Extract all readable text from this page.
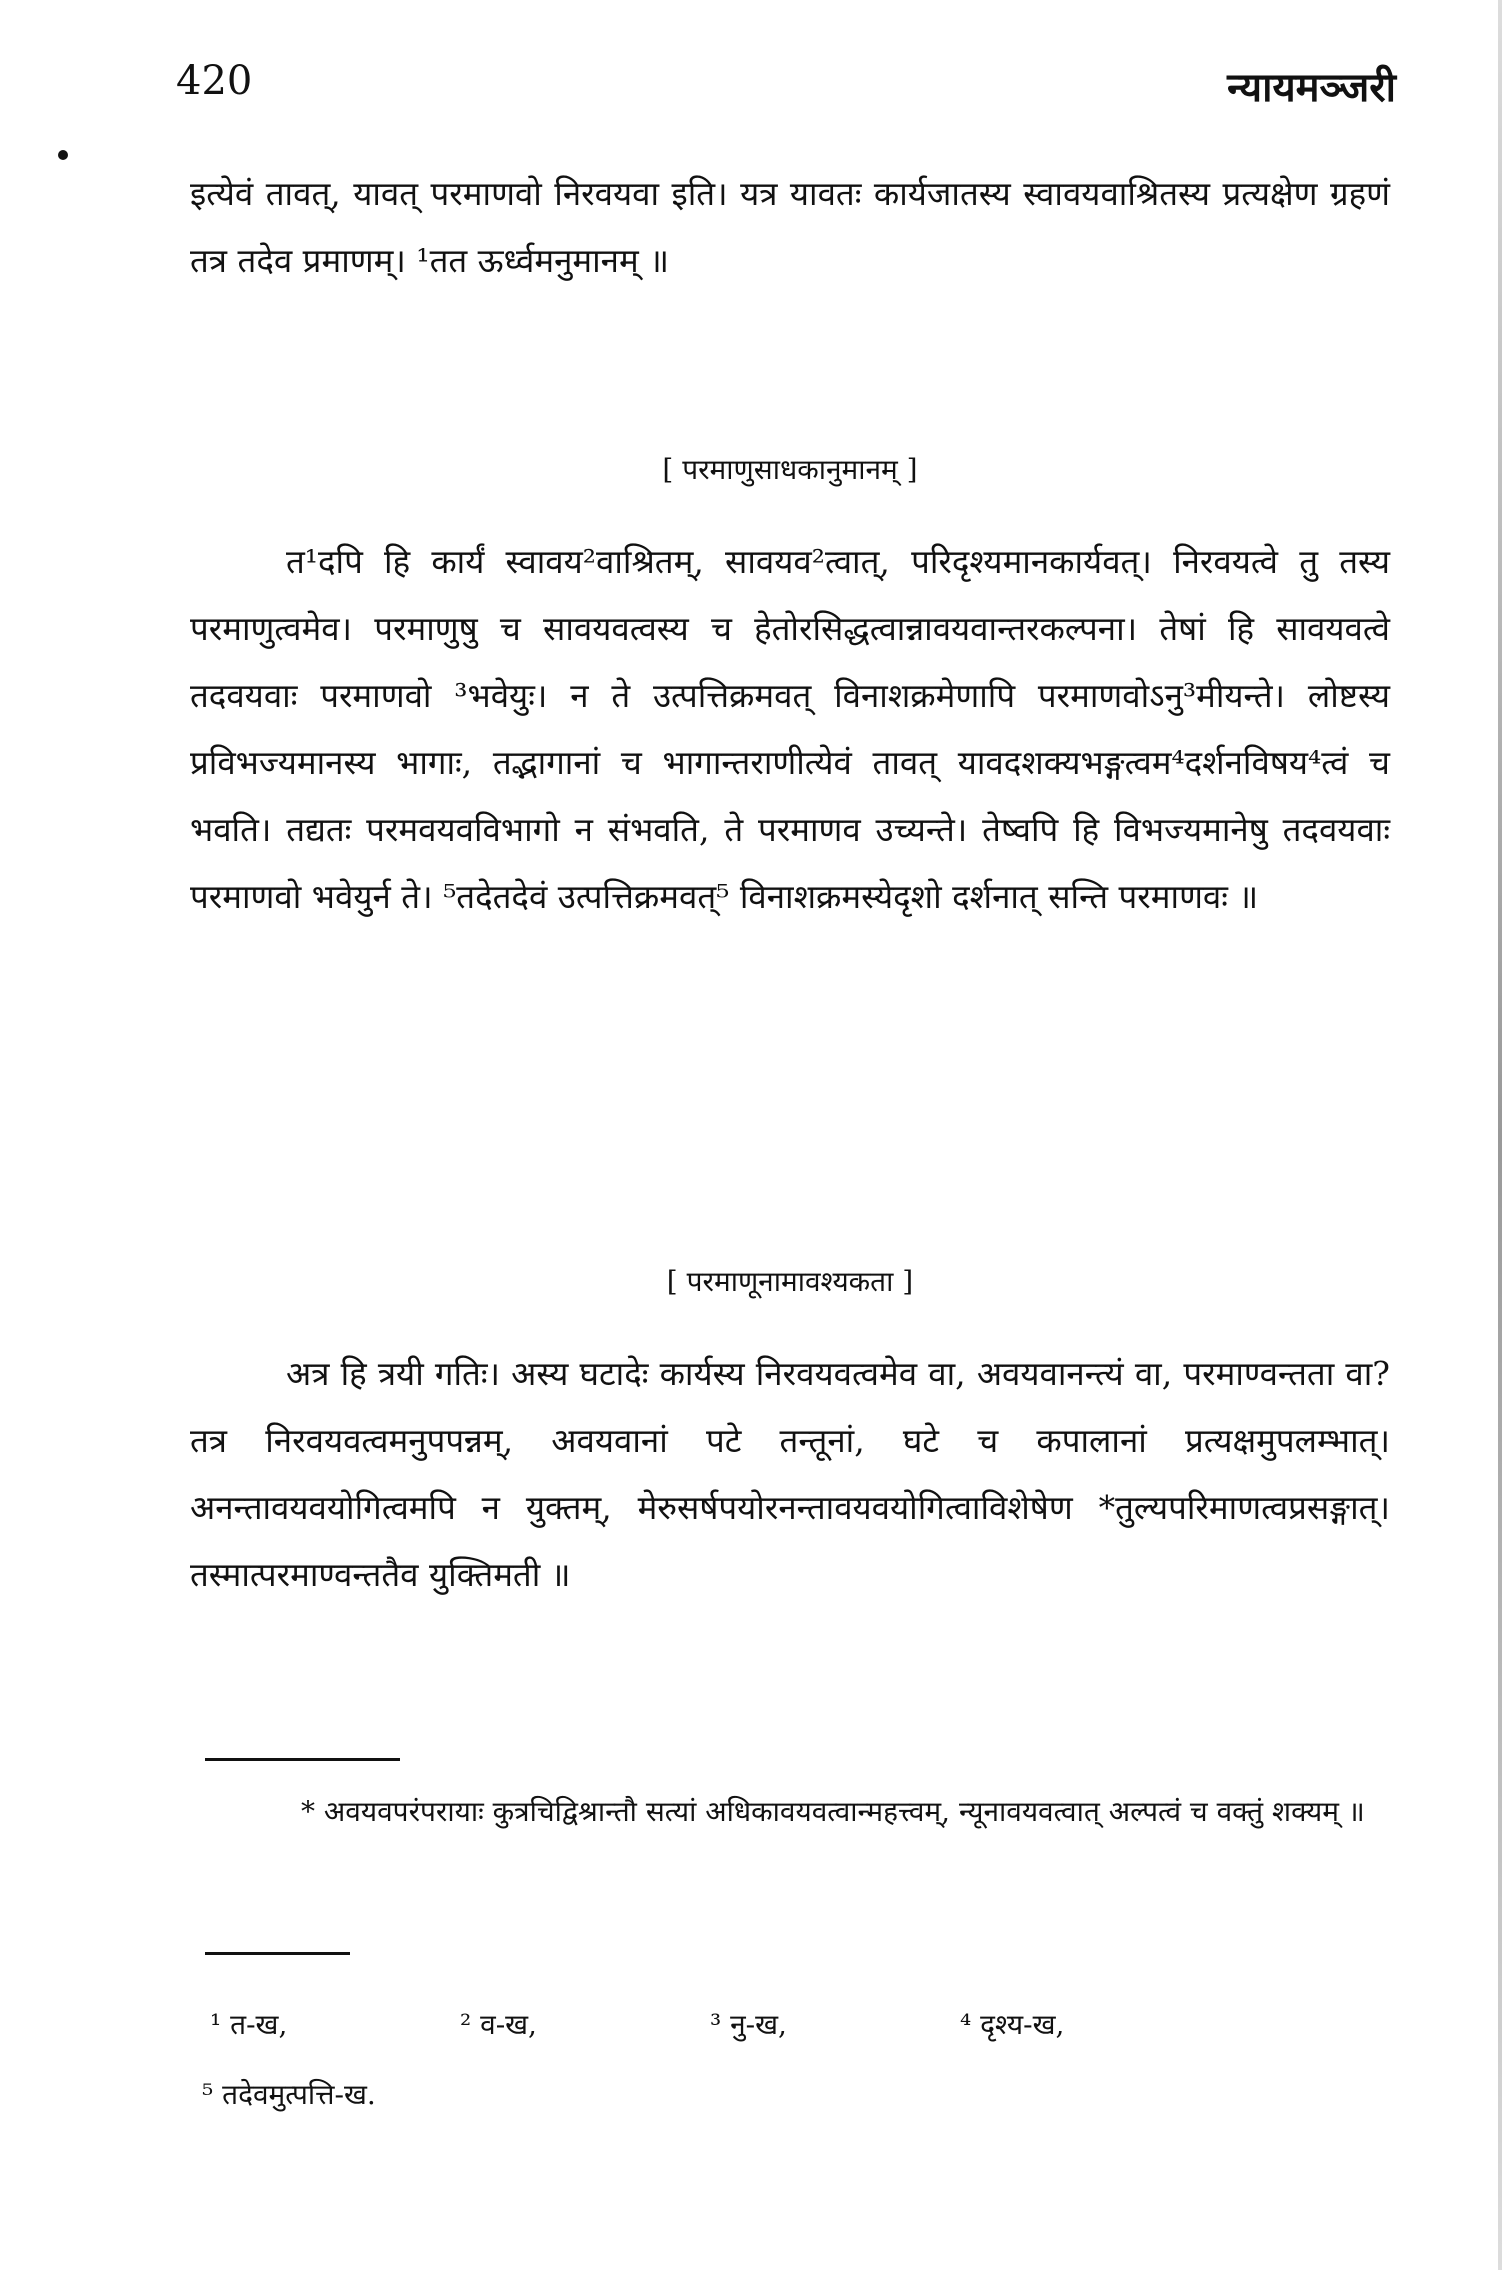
420	न्यायमञ्जरी

इत्येवं तावत्, यावत् परमाणवो निरवयवा इति। यत्र यावतः कार्यजातस्य स्वावयवाश्रितस्य प्रत्यक्षेण ग्रहणं तत्र तदेव प्रमाणम्। ¹तत ऊर्ध्वमनुमानम् ॥

[ परमाणुसाधकानुमानम् ]

त¹दपि हि कार्यं स्वावय²वाश्रितम्, सावयव²त्वात्, परिदृश्यमानकार्यवत्। निरवयत्वे तु तस्य परमाणुत्वमेव। परमाणुषु च सावयवत्वस्य च हेतोरसिद्धत्वान्नावयवान्तरकल्पना। तेषां हि सावयवत्वे तदवयवाः परमाणवो ³भवेयुः। न ते उत्पत्तिक्रमवत् विनाशक्रमेणापि परमाणवोऽनु³मीयन्ते। लोष्टस्य प्रविभज्यमानस्य भागाः, तद्भागानां च भागान्तराणीत्येवं तावत् यावदशक्यभङ्गत्वम⁴दर्शनविषय⁴त्वं च भवति। तद्यतः परमवयवविभागो न संभवति, ते परमाणव उच्यन्ते। तेष्वपि हि विभज्यमानेषु तदवयवाः परमाणवो भवेयुर्न ते। ⁵तदेतदेवं उत्पत्तिक्रमवत्⁵ विनाशक्रमस्येदृशो दर्शनात् सन्ति परमाणवः ॥

[ परमाणूनामावश्यकता ]

अत्र हि त्रयी गतिः। अस्य घटादेः कार्यस्य निरवयवत्वमेव वा, अवयवानन्त्यं वा, परमाण्वन्तता वा? तत्र निरवयवत्वमनुपपन्नम्, अवयवानां पटे तन्तूनां, घटे च कपालानां प्रत्यक्षमुपलम्भात्। अनन्तावयवयोगित्वमपि न युक्तम्, मेरुसर्षपयोरनन्तावयवयोगित्वाविशेषेण *तुल्यपरिमाणत्वप्रसङ्गात्। तस्मात्परमाण्वन्ततैव युक्तिमती ॥

* अवयवपरंपरायाः कुत्रचिद्विश्रान्तौ सत्यां अधिकावयवत्वान्महत्त्वम्, न्यूनावयवत्वात् अल्पत्वं च वक्तुं शक्यम् ॥

¹ त-ख,	² व-ख,	³ नु-ख,	⁴ दृश्य-ख,
⁵ तदेवमुत्पत्ति-ख.
